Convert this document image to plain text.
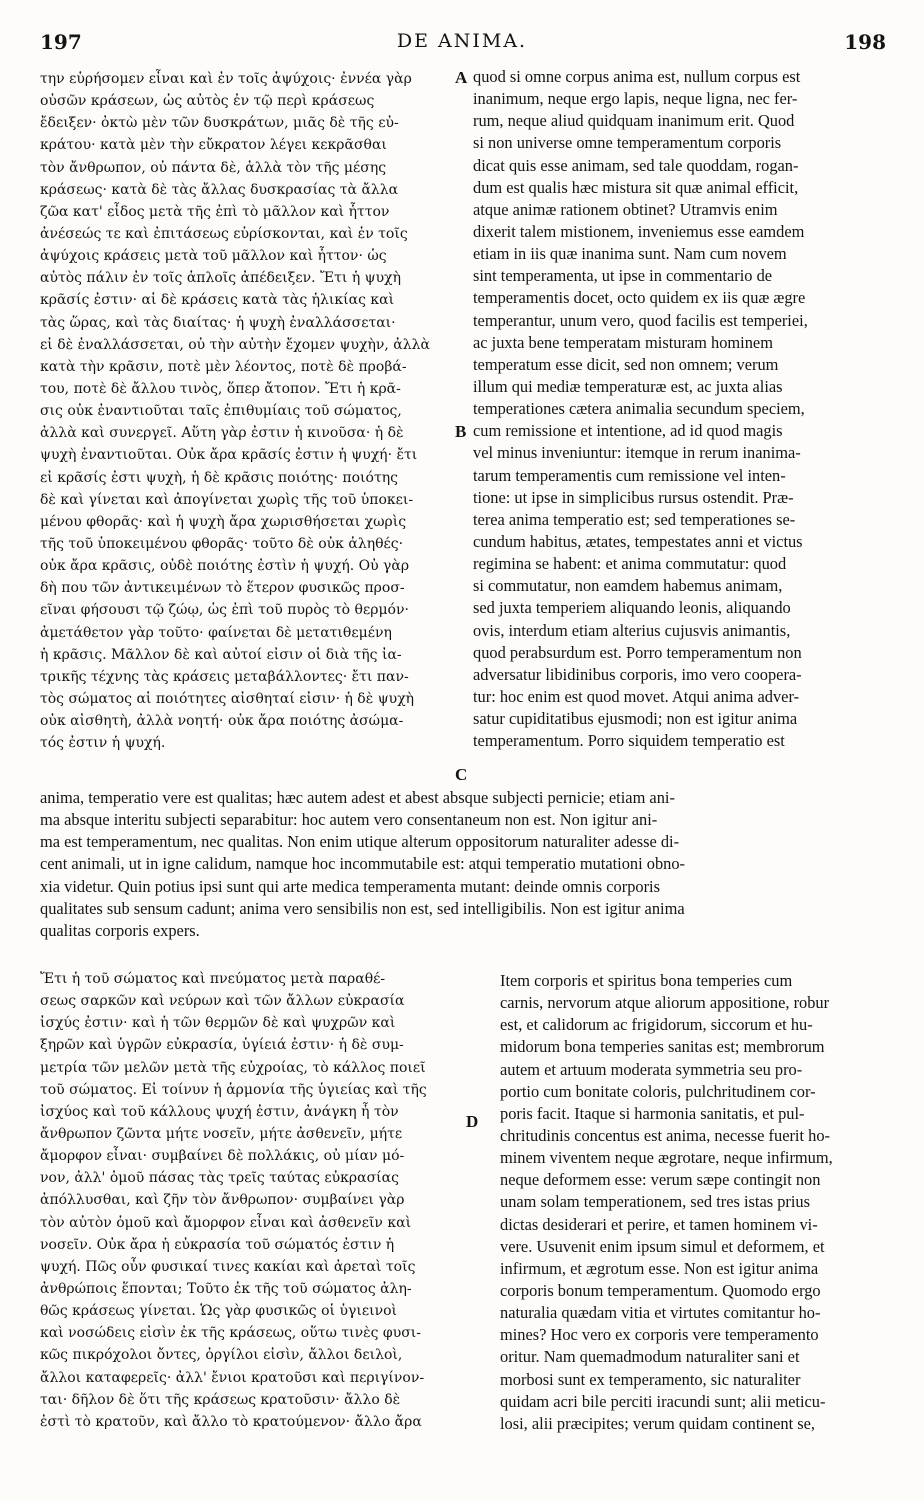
197	DE ANIMA.	198
την εὑρήσομεν εἶναι καὶ ἐν τοῖς ἀψύχοις· ἐννέα γὰρ
οὐσῶν κράσεων, ὡς αὐτὸς ἐν τῷ περὶ κράσεως
ἔδειξεν· ὀκτὼ μὲν τῶν δυσκράτων, μιᾶς δὲ τῆς εὐ-
κράτου· κατὰ μὲν τὴν εὔκρατον λέγει κεκρᾶσθαι
τὸν ἄνθρωπον, οὐ πάντα δὲ, ἀλλὰ τὸν τῆς μέσης
κράσεως· κατὰ δὲ τὰς ἄλλας δυσκρασίας τὰ ἄλλα
ζῶα κατ' εἶδος μετὰ τῆς ἐπὶ τὸ μᾶλλον καὶ ἧττον
ἀνέσεώς τε καὶ ἐπιτάσεως εὑρίσκονται, καὶ ἐν τοῖς
ἀψύχοις κράσεις μετὰ τοῦ μᾶλλον καὶ ἧττον· ὡς
αὐτὸς πάλιν ἐν τοῖς ἁπλοῖς ἀπέδειξεν. Ἔτι ἡ ψυχὴ
κρᾶσίς ἐστιν· αἱ δὲ κράσεις κατὰ τὰς ἡλικίας καὶ
τὰς ὥρας, καὶ τὰς διαίτας· ἡ ψυχὴ ἐναλλάσσεται·
εἰ δὲ ἐναλλάσσεται, οὐ τὴν αὐτὴν ἔχομεν ψυχὴν, ἀλλὰ
κατὰ τὴν κρᾶσιν, ποτὲ μὲν λέοντος, ποτὲ δὲ προβά-
του, ποτὲ δὲ ἄλλου τινὸς, ὅπερ ἄτοπον. Ἔτι ἡ κρᾶ-
σις οὐκ ἐναντιοῦται ταῖς ἐπιθυμίαις τοῦ σώματος,
ἀλλὰ καὶ συνεργεῖ. Αὕτη γὰρ ἐστιν ἡ κινοῦσα· ἡ δὲ
ψυχὴ ἐναντιοῦται. Οὐκ ἄρα κρᾶσίς ἐστιν ἡ ψυχή· ἔτι
εἰ κρᾶσίς ἐστι ψυχὴ, ἡ δὲ κρᾶσις ποιότης· ποιότης
δὲ καὶ γίνεται καὶ ἀπογίνεται χωρὶς τῆς τοῦ ὑποκει-
μένου φθορᾶς· καὶ ἡ ψυχὴ ἄρα χωρισθήσεται χωρὶς
τῆς τοῦ ὑποκειμένου φθορᾶς· τοῦτο δὲ οὐκ ἀληθές·
οὐκ ἄρα κρᾶσις, οὐδὲ ποιότης ἐστὶν ἡ ψυχή. Οὐ γὰρ
δὴ που τῶν ἀντικειμένων τὸ ἕτερον φυσικῶς προσ-
εῖναι φήσουσι τῷ ζώῳ, ὡς ἐπὶ τοῦ πυρὸς τὸ θερμόν·
ἀμετάθετον γὰρ τοῦτο· φαίνεται δὲ μετατιθεμένη
ἡ κρᾶσις. Μᾶλλον δὲ καὶ αὐτοί εἰσιν οἱ διὰ τῆς ἰα-
τρικῆς τέχνης τὰς κράσεις μεταβάλλοντες· ἔτι παν-
τὸς σώματος αἱ ποιότητες αἰσθηταί εἰσιν· ἡ δὲ ψυχὴ
οὐκ αἰσθητὴ, ἀλλὰ νοητή· οὐκ ἄρα ποιότης ἀσώμα-
τός ἐστιν ἡ ψυχή.
quod si omne corpus anima est, nullum corpus est
inanimum, neque ergo lapis, neque ligna, nec fer-
rum, neque aliud quidquam inanimum erit. Quod
si non universe omne temperamentum corporis
dicat quis esse animam, sed tale quoddam, rogan-
dum est qualis hæc mistura sit quæ animal efficit,
atque animæ rationem obtinet? Utramvis enim
dixerit talem mistionem, inveniemus esse eamdem
etiam in iis quæ inanima sunt. Nam cum novem
sint temperamenta, ut ipse in commentario de
temperamentis docet, octo quidem ex iis quæ ægre
temperantur, unum vero, quod facilis est temperiei,
ac juxta bene temperatam misturam hominem
temperatum esse dicit, sed non omnem; verum
illum qui mediæ temperaturæ est, ac juxta alias
temperationes cætera animalia secundum speciem,
cum remissione et intentione, ad id quod magis
vel minus inveniuntur: itemque in rerum inanima-
tarum temperamentis cum remissione vel inten-
tione: ut ipse in simplicibus rursus ostendit. Præ-
terea anima temperatio est; sed temperationes se-
cundum habitus, ætates, tempestates anni et victus
regimina se habent: et anima commutatur: quod
si commutatur, non eamdem habemus animam,
sed juxta temperiem aliquando leonis, aliquando
ovis, interdum etiam alterius cujusvis animantis,
quod perabsurdum est. Porro temperamentum non
adversatur libidinibus corporis, imo vero coopera-
tur: hoc enim est quod movet. Atqui anima adver-
satur cupiditatibus ejusmodi; non est igitur anima
temperamentum. Porro siquidem temperatio est
A
B
C
D
anima, temperatio vere est qualitas; hæc autem adest et abest absque subjecti pernicie; etiam ani-
ma absque interitu subjecti separabitur: hoc autem vero consentaneum non est. Non igitur ani-
ma est temperamentum, nec qualitas. Non enim utique alterum oppositorum naturaliter adesse di-
cent animali, ut in igne calidum, namque hoc incommutabile est: atqui temperatio mutationi obno-
xia videtur. Quin potius ipsi sunt qui arte medica temperamenta mutant: deinde omnis corporis
qualitates sub sensum cadunt; anima vero sensibilis non est, sed intelligibilis. Non est igitur anima
qualitas corporis expers.
Ἔτι ἡ τοῦ σώματος καὶ πνεύματος μετὰ παραθέ-
σεως σαρκῶν καὶ νεύρων καὶ τῶν ἄλλων εὐκρασία
ἰσχύς ἐστιν· καὶ ἡ τῶν θερμῶν δὲ καὶ ψυχρῶν καὶ
ξηρῶν καὶ ὑγρῶν εὐκρασία, ὑγίειά ἐστιν· ἡ δὲ συμ-
μετρία τῶν μελῶν μετὰ τῆς εὐχροίας, τὸ κάλλος ποιεῖ
τοῦ σώματος. Εἰ τοίνυν ἡ ἁρμονία τῆς ὑγιείας καὶ τῆς
ἰσχύος καὶ τοῦ κάλλους ψυχή ἐστιν, ἀνάγκη ἦ τὸν
ἄνθρωπον ζῶντα μήτε νοσεῖν, μήτε ἀσθενεῖν, μήτε
ἄμορφον εἶναι· συμβαίνει δὲ πολλάκις, οὐ μίαν μό-
νον, ἀλλ' ὁμοῦ πάσας τὰς τρεῖς ταύτας εὐκρασίας
ἀπόλλυσθαι, καὶ ζῆν τὸν ἄνθρωπον· συμβαίνει γὰρ
τὸν αὐτὸν ὁμοῦ καὶ ἄμορφον εἶναι καὶ ἀσθενεῖν καὶ
νοσεῖν. Οὐκ ἄρα ἡ εὐκρασία τοῦ σώματός ἐστιν ἡ
ψυχή. Πῶς οὖν φυσικαί τινες κακίαι καὶ ἀρεταὶ τοῖς
ἀνθρώποις ἕπονται; Τοῦτο ἐκ τῆς τοῦ σώματος ἀλη-
θῶς κράσεως γίνεται. Ὡς γὰρ φυσικῶς οἱ ὑγιεινοὶ
καὶ νοσώδεις εἰσὶν ἐκ τῆς κράσεως, οὕτω τινὲς φυσι-
κῶς πικρόχολοι ὄντες, ὀργίλοι εἰσὶν, ἄλλοι δειλοὶ,
ἄλλοι καταφερεῖς· ἀλλ' ἔνιοι κρατοῦσι καὶ περιγίνον-
ται· δῆλον δὲ ὅτι τῆς κράσεως κρατοῦσιν· ἄλλο δὲ
ἐστὶ τὸ κρατοῦν, καὶ ἄλλο τὸ κρατούμενον· ἄλλο ἄρα
Item corporis et spiritus bona temperies cum
carnis, nervorum atque aliorum appositione, robur
est, et calidorum ac frigidorum, siccorum et hu-
midorum bona temperies sanitas est; membrorum
autem et artuum moderata symmetria seu pro-
portio cum bonitate coloris, pulchritudinem cor-
poris facit. Itaque si harmonia sanitatis, et pul-
chritudinis concentus est anima, necesse fuerit ho-
minem viventem neque ægrotare, neque infirmum,
neque deformem esse: verum sæpe contingit non
unam solam temperationem, sed tres istas prius
dictas desiderari et perire, et tamen hominem vi-
vere. Usuvenit enim ipsum simul et deformem, et
infirmum, et ægrotum esse. Non est igitur anima
corporis bonum temperamentum. Quomodo ergo
naturalia quædam vitia et virtutes comitantur ho-
mines? Hoc vero ex corporis vere temperamento
oritur. Nam quemadmodum naturaliter sani et
morbosi sunt ex temperamento, sic naturaliter
quidam acri bile perciti iracundi sunt; alii meticu-
losi, alii præcipites; verum quidam continent se,
